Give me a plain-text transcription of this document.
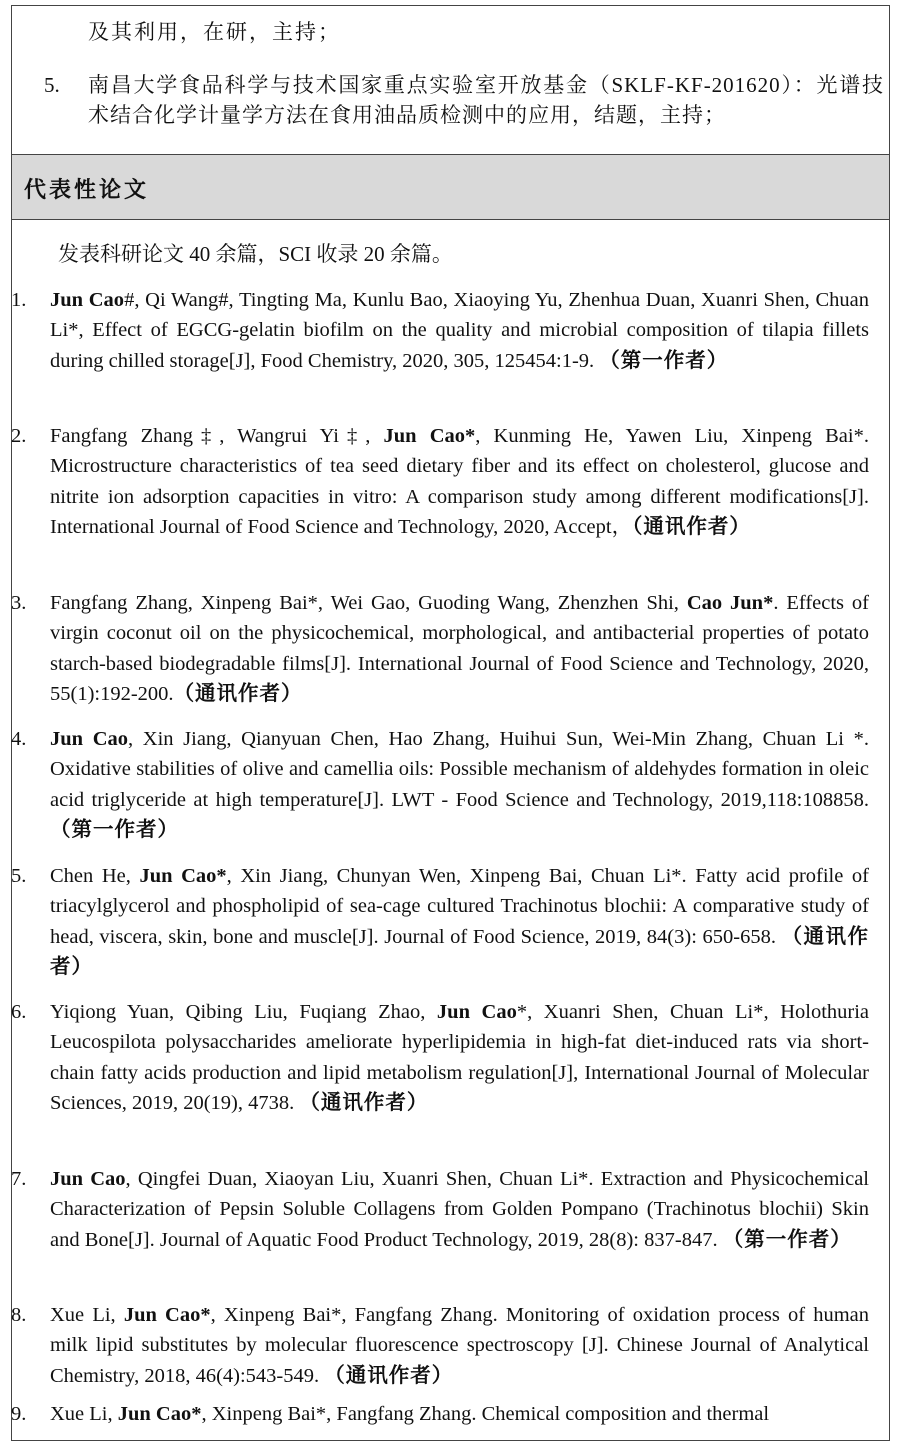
及其利用，在研，主持；
5. 南昌大学食品科学与技术国家重点实验室开放基金（SKLF-KF-201620）：光谱技术结合化学计量学方法在食用油品质检测中的应用，结题，主持；
代表性论文
发表科研论文 40 余篇，SCI 收录 20 余篇。
1. Jun Cao#, Qi Wang#, Tingting Ma, Kunlu Bao, Xiaoying Yu, Zhenhua Duan, Xuanri Shen, Chuan Li*, Effect of EGCG-gelatin biofilm on the quality and microbial composition of tilapia fillets during chilled storage[J], Food Chemistry, 2020, 305, 125454:1-9. （第一作者）
2. Fangfang Zhang‡, Wangrui Yi‡, Jun Cao*, Kunming He, Yawen Liu, Xinpeng Bai*. Microstructure characteristics of tea seed dietary fiber and its effect on cholesterol, glucose and nitrite ion adsorption capacities in vitro: A comparison study among different modifications[J]. International Journal of Food Science and Technology, 2020, Accept，（通讯作者）
3. Fangfang Zhang, Xinpeng Bai*, Wei Gao, Guoding Wang, Zhenzhen Shi, Cao Jun*. Effects of virgin coconut oil on the physicochemical, morphological, and antibacterial properties of potato starch-based biodegradable films[J]. International Journal of Food Science and Technology, 2020, 55(1):192-200.（通讯作者）
4. Jun Cao, Xin Jiang, Qianyuan Chen, Hao Zhang, Huihui Sun, Wei-Min Zhang, Chuan Li *. Oxidative stabilities of olive and camellia oils: Possible mechanism of aldehydes formation in oleic acid triglyceride at high temperature[J]. LWT - Food Science and Technology, 2019,118:108858. （第一作者）
5. Chen He, Jun Cao*, Xin Jiang, Chunyan Wen, Xinpeng Bai, Chuan Li*. Fatty acid profile of triacylglycerol and phospholipid of sea-cage cultured Trachinotus blochii: A comparative study of head, viscera, skin, bone and muscle[J]. Journal of Food Science, 2019, 84(3): 650-658. （通讯作者）
6. Yiqiong Yuan, Qibing Liu, Fuqiang Zhao, Jun Cao*, Xuanri Shen, Chuan Li*, Holothuria Leucospilota polysaccharides ameliorate hyperlipidemia in high-fat diet-induced rats via short-chain fatty acids production and lipid metabolism regulation[J], International Journal of Molecular Sciences, 2019, 20(19), 4738. （通讯作者）
7. Jun Cao, Qingfei Duan, Xiaoyan Liu, Xuanri Shen, Chuan Li*. Extraction and Physicochemical Characterization of Pepsin Soluble Collagens from Golden Pompano (Trachinotus blochii) Skin and Bone[J]. Journal of Aquatic Food Product Technology, 2019, 28(8): 837-847. （第一作者）
8. Xue Li, Jun Cao*, Xinpeng Bai*, Fangfang Zhang. Monitoring of oxidation process of human milk lipid substitutes by molecular fluorescence spectroscopy [J]. Chinese Journal of Analytical Chemistry, 2018, 46(4):543-549. （通讯作者）
9. Xue Li, Jun Cao*, Xinpeng Bai*, Fangfang Zhang. Chemical composition and thermal
